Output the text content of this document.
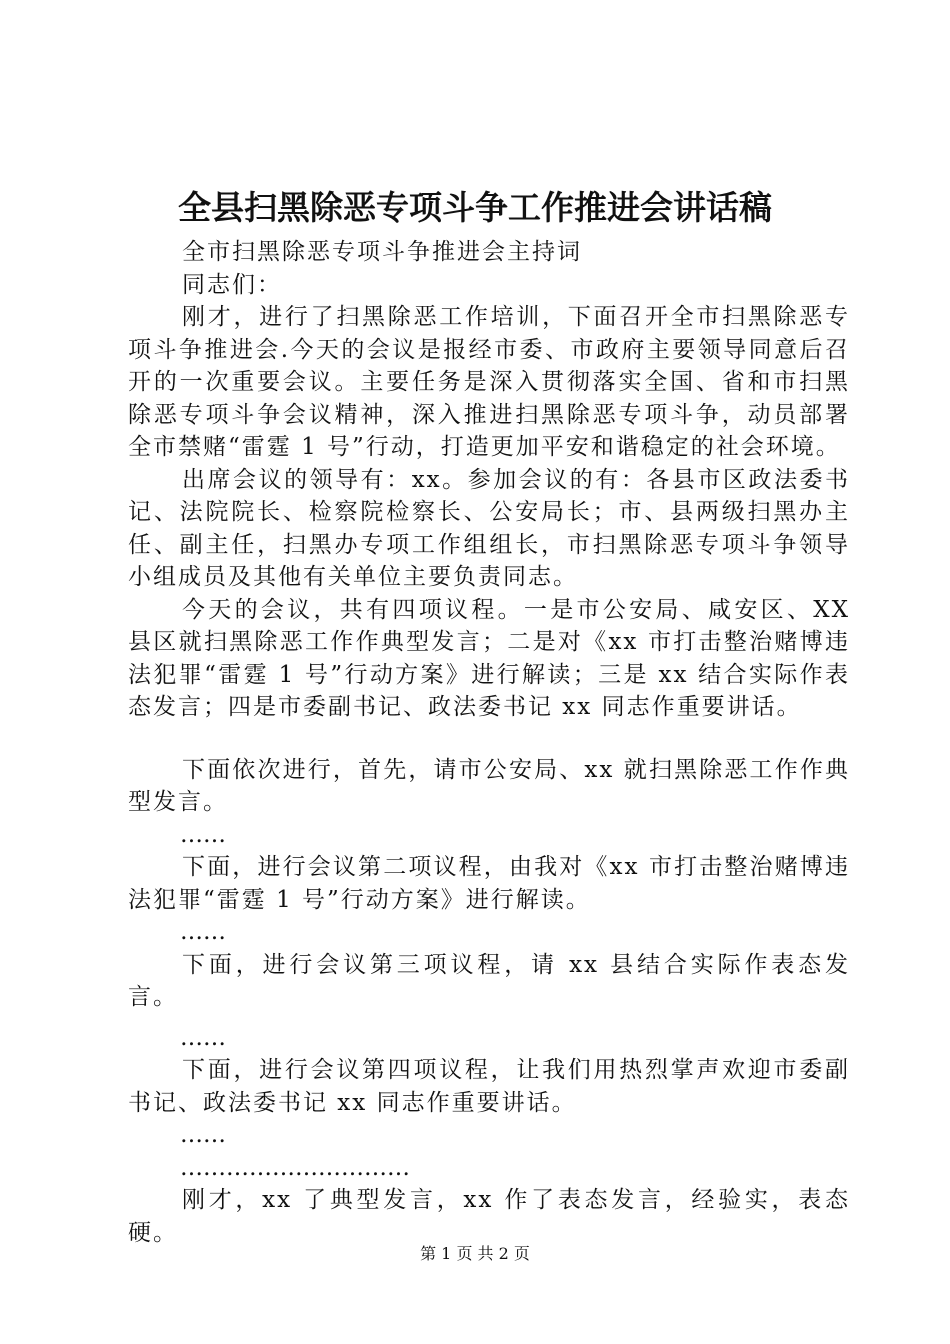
全县扫黑除恶专项斗争工作推进会讲话稿

全市扫黑除恶专项斗争推进会主持词

同志们：

刚才，进行了扫黑除恶工作培训，下面召开全市扫黑除恶专项斗争推进会.今天的会议是报经市委、市政府主要领导同意后召开的一次重要会议。主要任务是深入贯彻落实全国、省和市扫黑除恶专项斗争会议精神，深入推进扫黑除恶专项斗争，动员部署全市禁赌“雷霆 1 号”行动，打造更加平安和谐稳定的社会环境。

出席会议的领导有：xx。参加会议的有：各县市区政法委书记、法院院长、检察院检察长、公安局长；市、县两级扫黑办主任、副主任，扫黑办专项工作组组长，市扫黑除恶专项斗争领导小组成员及其他有关单位主要负责同志。

今天的会议，共有四项议程。一是市公安局、咸安区、XX 县区就扫黑除恶工作作典型发言；二是对《xx 市打击整治赌博违法犯罪“雷霆 1 号”行动方案》进行解读；三是 xx 结合实际作表态发言；四是市委副书记、政法委书记 xx 同志作重要讲话。

下面依次进行，首先，请市公安局、xx 就扫黑除恶工作作典型发言。

……

下面，进行会议第二项议程，由我对《xx 市打击整治赌博违法犯罪“雷霆 1 号”行动方案》进行解读。

……

下面，进行会议第三项议程，请 xx 县结合实际作表态发言。

……

下面，进行会议第四项议程，让我们用热烈掌声欢迎市委副书记、政法委书记 xx 同志作重要讲话。

……
…………………………

刚才，xx 了典型发言，xx 作了表态发言，经验实，表态硬。

第 1 页 共 2 页
